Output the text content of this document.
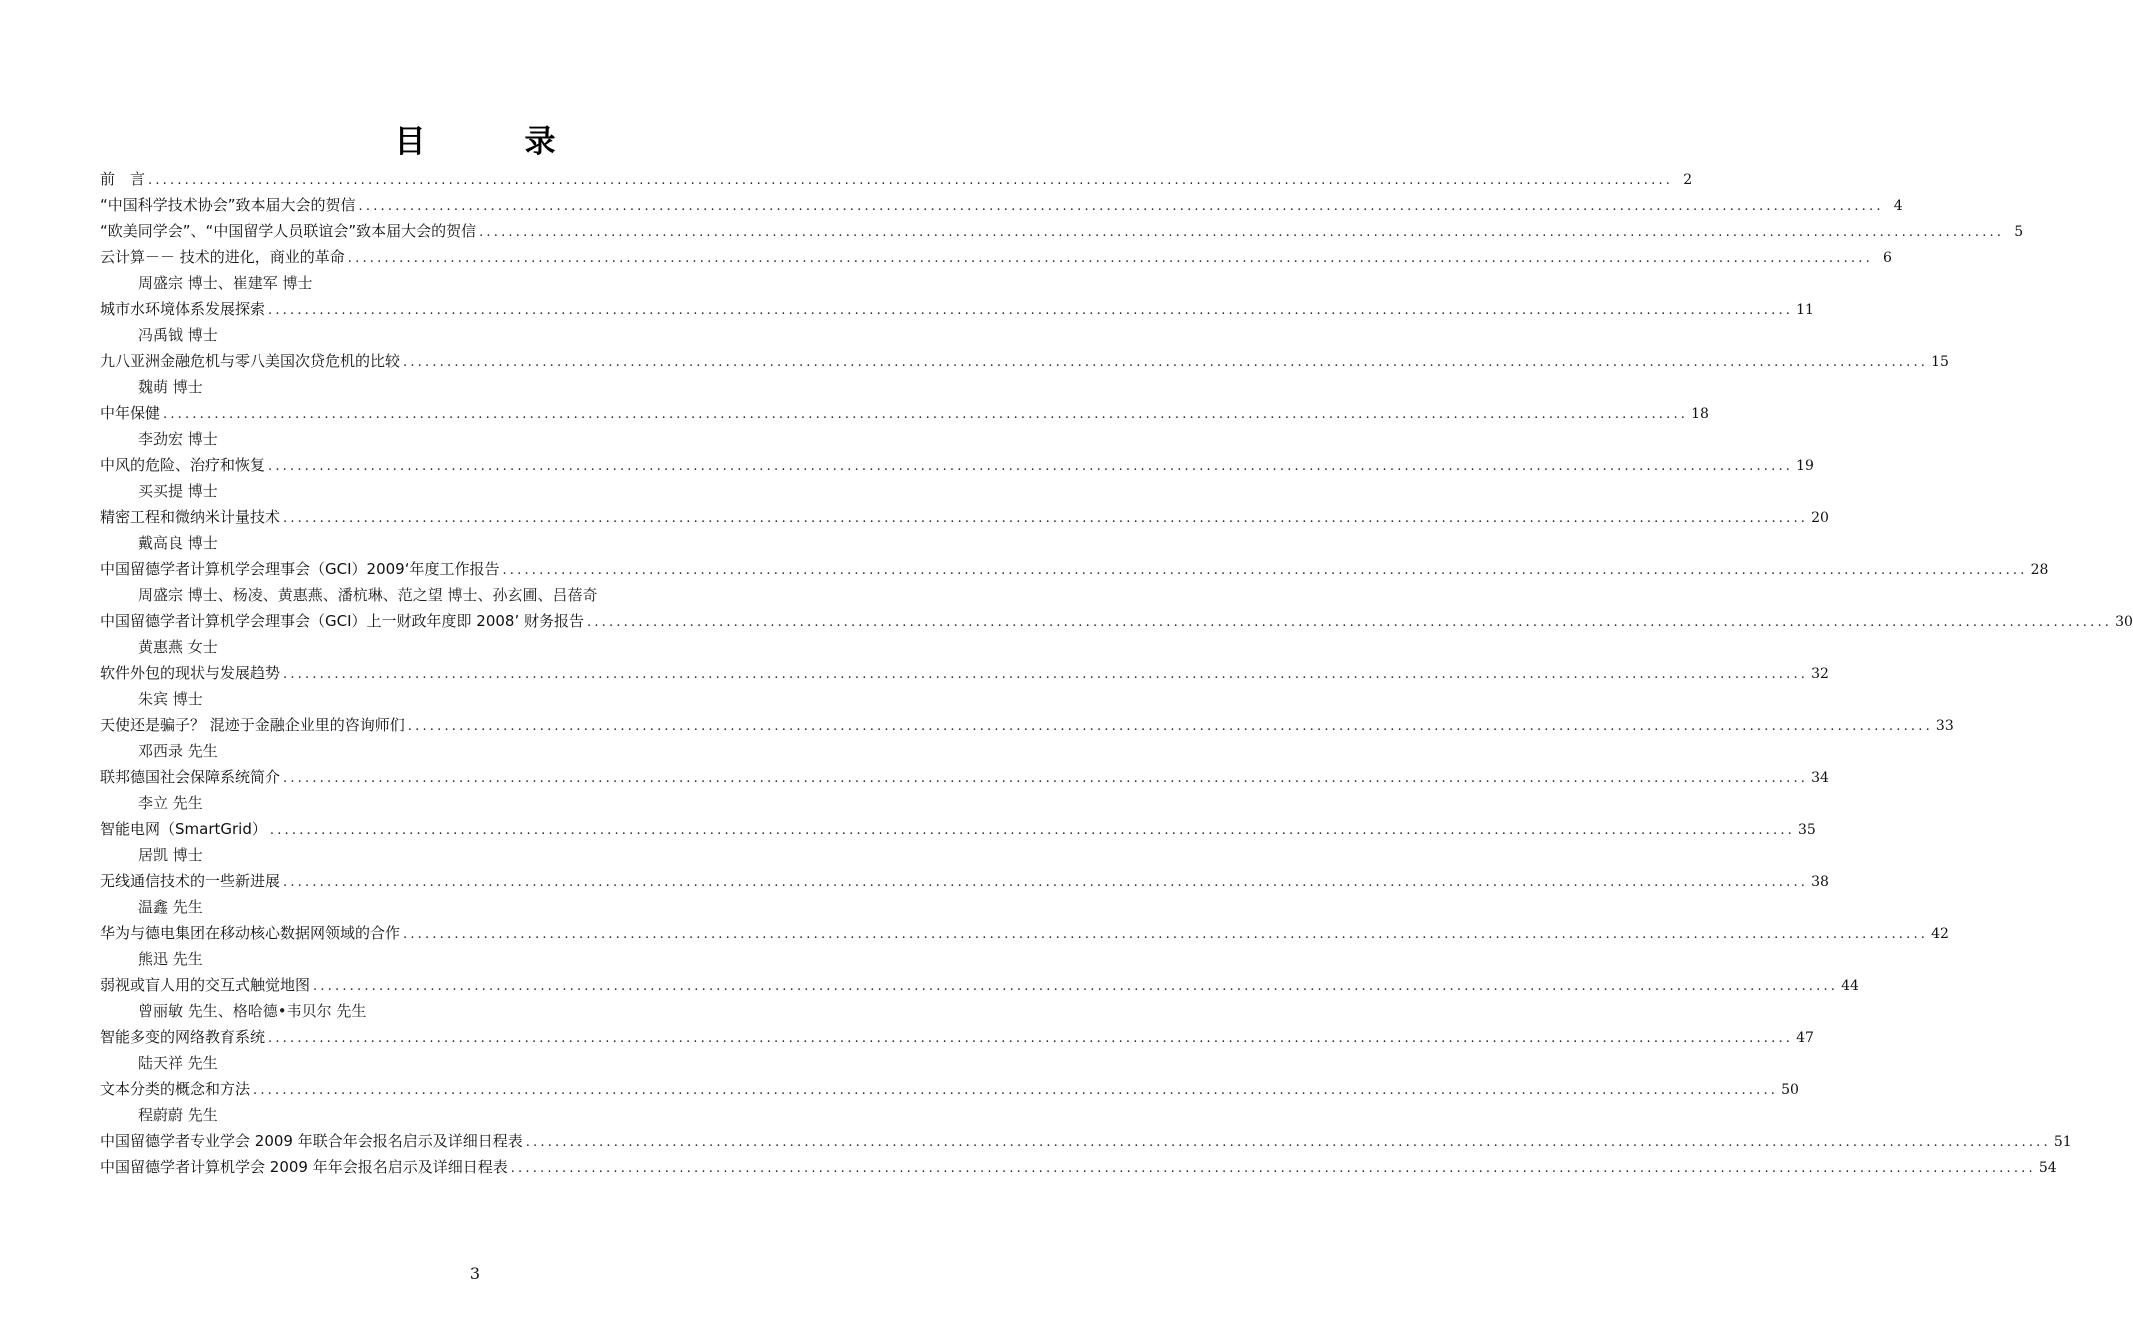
目　录
前　言 ................................................................................................................................................................................................................ 2
“中国科学技术协会”致本届大会的贺信 ................................................................................................................................................................................................................ 4
“欧美同学会”、“中国留学人员联谊会”致本届大会的贺信 ................................................................................................................................................................................................................ 5
云计算－－ 技术的进化，商业的革命 ................................................................................................................................................................................................................ 6
周盛宗 博士、崔建军 博士
城市水环境体系发展探索 ................................................................................................................................................................................................................ 11
冯禹钺 博士
九八亚洲金融危机与零八美国次贷危机的比较 ................................................................................................................................................................................................................ 15
魏萌 博士
中年保健 ................................................................................................................................................................................................................ 18
李劲宏 博士
中风的危险、治疗和恢复 ................................................................................................................................................................................................................ 19
买买提 博士
精密工程和微纳米计量技术 ................................................................................................................................................................................................................ 20
戴高良 博士
中国留德学者计算机学会理事会（GCI）2009‘年度工作报告 ................................................................................................................................................................................................................ 28
周盛宗 博士、杨凌、黄惠燕、潘杭琳、范之望 博士、孙玄圃、吕蓓奇
中国留德学者计算机学会理事会（GCI）上一财政年度即 2008’ 财务报告 ................................................................................................................................................................................................................ 30
黄惠燕 女士
软件外包的现状与发展趋势 ................................................................................................................................................................................................................ 32
朱宾 博士
天使还是骗子？ 混迹于金融企业里的咨询师们 ................................................................................................................................................................................................................ 33
邓西录 先生
联邦德国社会保障系统简介 ................................................................................................................................................................................................................ 34
李立 先生
智能电网（SmartGrid） ................................................................................................................................................................................................................ 35
居凯 博士
无线通信技术的一些新进展 ................................................................................................................................................................................................................ 38
温鑫 先生
华为与德电集团在移动核心数据网领域的合作 ................................................................................................................................................................................................................ 42
熊迅 先生
弱视或盲人用的交互式触觉地图 ................................................................................................................................................................................................................ 44
曾丽敏 先生、格哈德•韦贝尔 先生
智能多变的网络教育系统 ................................................................................................................................................................................................................ 47
陆天祥 先生
文本分类的概念和方法 ................................................................................................................................................................................................................ 50
程蔚蔚 先生
中国留德学者专业学会 2009 年联合年会报名启示及详细日程表 ................................................................................................................................................................................................................ 51
中国留德学者计算机学会 2009 年年会报名启示及详细日程表 ................................................................................................................................................................................................................ 54
3
